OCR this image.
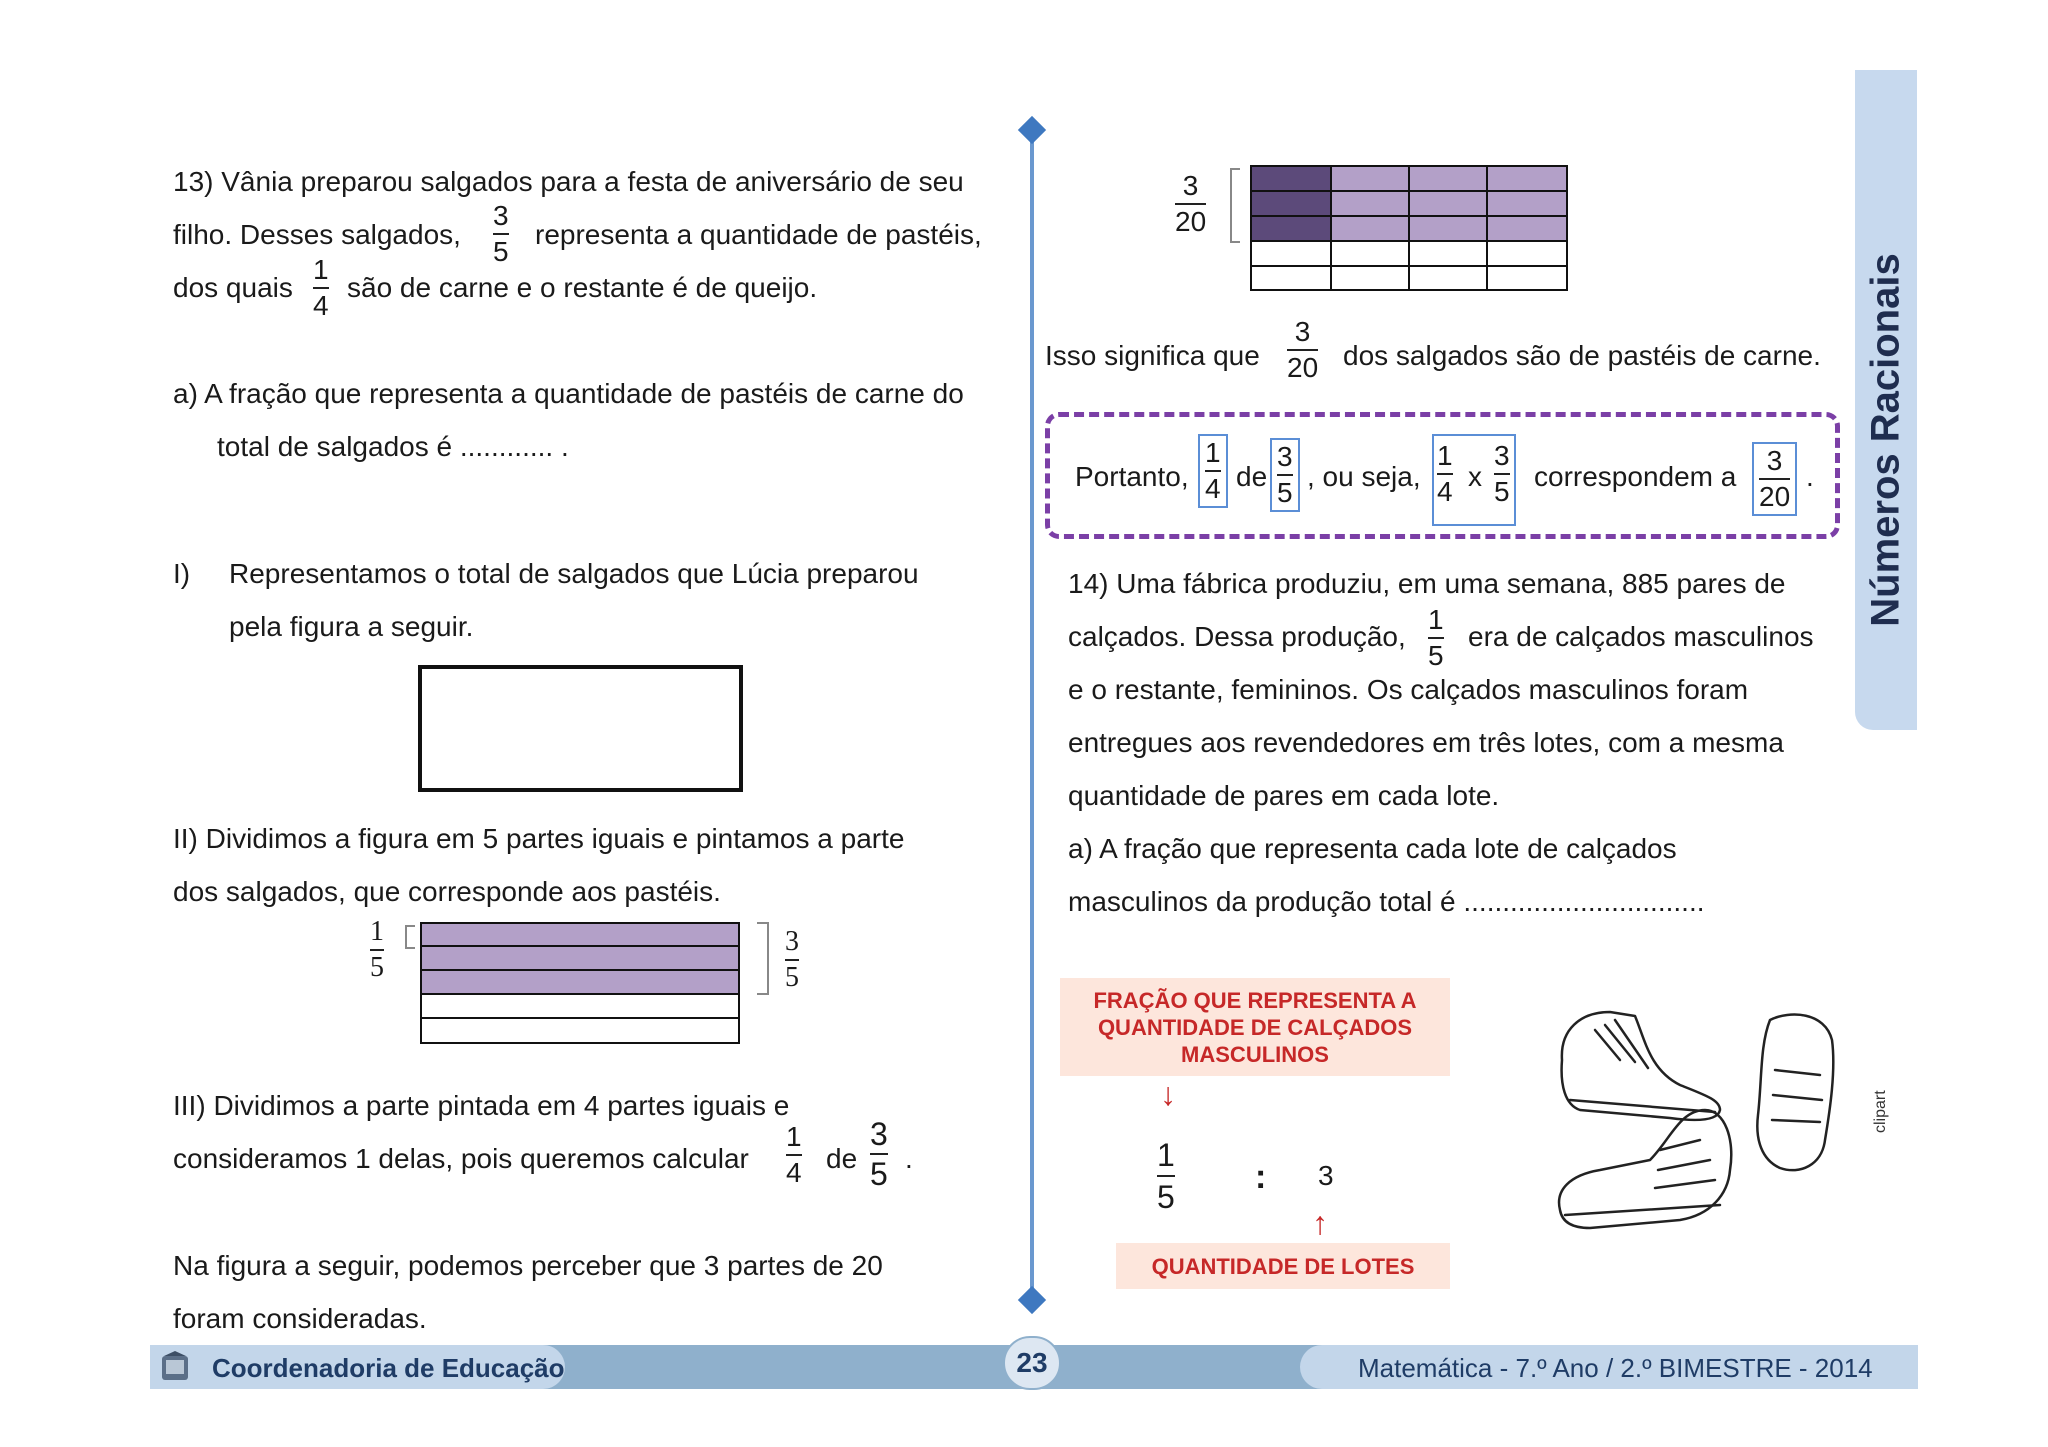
Números Racionais
13) Vânia preparou salgados para a festa de aniversário de seu
filho. Desses salgados,
3
5
representa a quantidade de pastéis,
dos quais
1
4
são de carne e o restante é de queijo.
a) A fração que representa a quantidade de pastéis de carne do
total de salgados é ............ .
I) Representamos o total de salgados que Lúcia preparou
pela figura a seguir.
II) Dividimos a figura em 5 partes iguais e pintamos a parte
dos salgados, que corresponde aos pastéis.
1
5
3
5
III) Dividimos a parte pintada em 4 partes iguais e
consideramos 1 delas, pois queremos calcular
1
4 de
3
5 .
Na figura a seguir, podemos perceber que 3 partes de 20
foram consideradas.
3
20
Isso significa que
3
20 dos salgados são de pastéis de carne.
Portanto,
1
4 de
3
5
, ou seja,
1
4 x
3
5 correspondem a
3
20
.
14) Uma fábrica produziu, em uma semana, 885 pares de
calçados. Dessa produção,
1
5
era de calçados masculinos
e o restante, femininos. Os calçados masculinos foram
entregues aos revendedores em três lotes, com a mesma
quantidade de pares em cada lote.
a) A fração que representa cada lote de calçados
masculinos da produção total é ...............................
FRAÇÃO QUE REPRESENTA A QUANTIDADE DE CALÇADOS MASCULINOS
↓
1
5
: 3
↑
QUANTIDADE DE LOTES
clipart
Coordenadoria de Educação	23	Matemática - 7.º Ano / 2.º BIMESTRE - 2014
